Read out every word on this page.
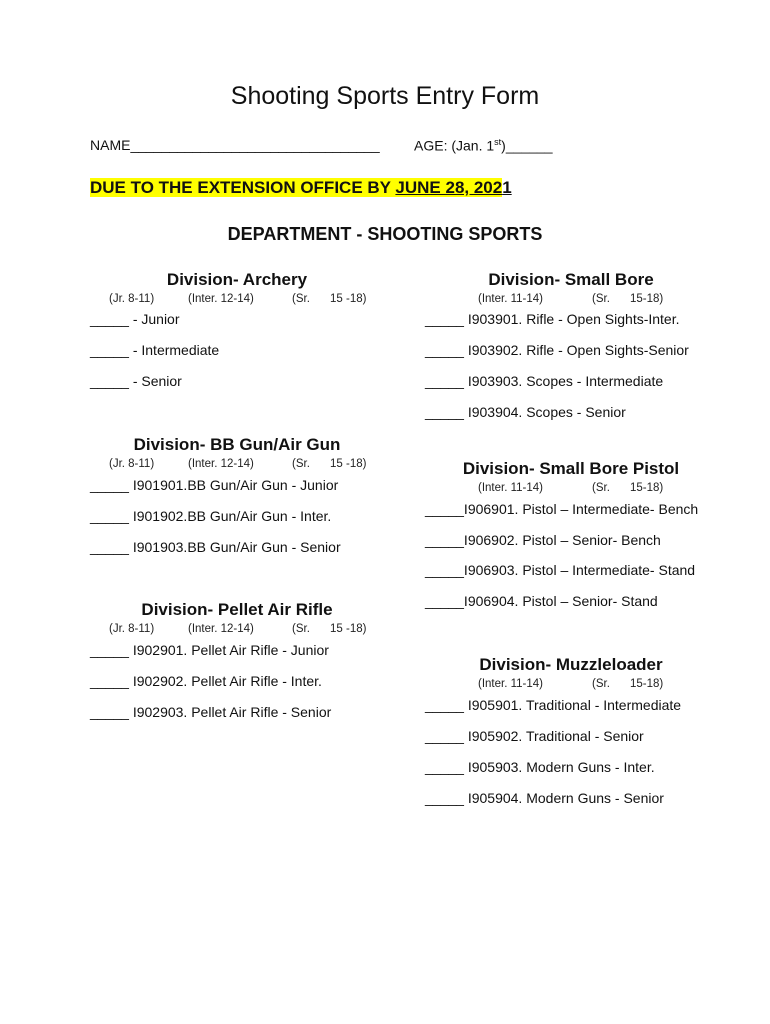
Shooting Sports Entry Form
NAME________________________________ AGE: (Jan. 1st)______
DUE TO THE EXTENSION OFFICE BY JUNE 28, 2021
DEPARTMENT - SHOOTING SPORTS
Division- Archery
(Jr. 8-11)	(Inter. 12-14)	(Sr. 15 -18)
_____ - Junior
_____ - Intermediate
_____ - Senior
Division- BB Gun/Air Gun
(Jr. 8-11)	(Inter. 12-14)	(Sr. 15 -18)
_____ I901901.BB Gun/Air Gun - Junior
_____ I901902.BB Gun/Air Gun - Inter.
_____ I901903.BB Gun/Air Gun - Senior
Division- Pellet Air Rifle
(Jr. 8-11)	(Inter. 12-14)	(Sr. 15 -18)
_____ I902901. Pellet Air Rifle - Junior
_____ I902902. Pellet Air Rifle - Inter.
_____ I902903. Pellet Air Rifle - Senior
Division- Small Bore
(Inter. 11-14)	(Sr. 15-18)
_____ I903901. Rifle - Open Sights-Inter.
_____ I903902. Rifle - Open Sights-Senior
_____ I903903. Scopes - Intermediate
_____ I903904. Scopes - Senior
Division- Small Bore Pistol
(Inter. 11-14)	(Sr. 15-18)
_____I906901. Pistol – Intermediate- Bench
_____I906902. Pistol – Senior- Bench
_____I906903. Pistol – Intermediate- Stand
_____I906904. Pistol – Senior- Stand
Division- Muzzleloader
(Inter. 11-14)	(Sr. 15-18)
_____ I905901. Traditional - Intermediate
_____ I905902. Traditional - Senior
_____ I905903. Modern Guns - Inter.
_____ I905904. Modern Guns - Senior
